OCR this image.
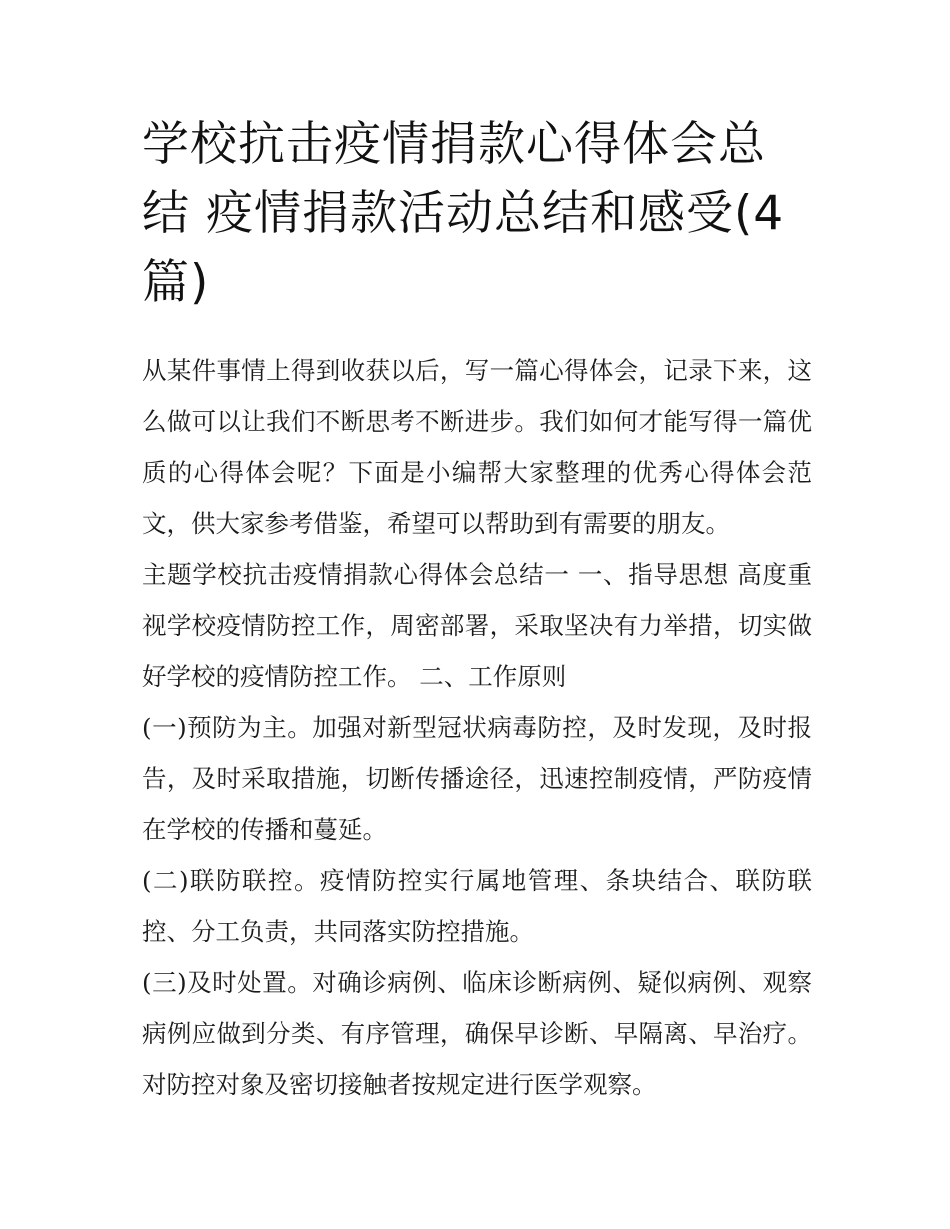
学校抗击疫情捐款心得体会总结 疫情捐款活动总结和感受(4篇)

从某件事情上得到收获以后，写一篇心得体会，记录下来，这么做可以让我们不断思考不断进步。我们如何才能写得一篇优质的心得体会呢？下面是小编帮大家整理的优秀心得体会范文，供大家参考借鉴，希望可以帮助到有需要的朋友。

主题学校抗击疫情捐款心得体会总结一 一、指导思想 高度重视学校疫情防控工作，周密部署，采取坚决有力举措，切实做好学校的疫情防控工作。 二、工作原则

(一)预防为主。加强对新型冠状病毒防控，及时发现，及时报告，及时采取措施，切断传播途径，迅速控制疫情，严防疫情在学校的传播和蔓延。

(二)联防联控。疫情防控实行属地管理、条块结合、联防联控、分工负责，共同落实防控措施。

(三)及时处置。对确诊病例、临床诊断病例、疑似病例、观察病例应做到分类、有序管理，确保早诊断、早隔离、早治疗。对防控对象及密切接触者按规定进行医学观察。
